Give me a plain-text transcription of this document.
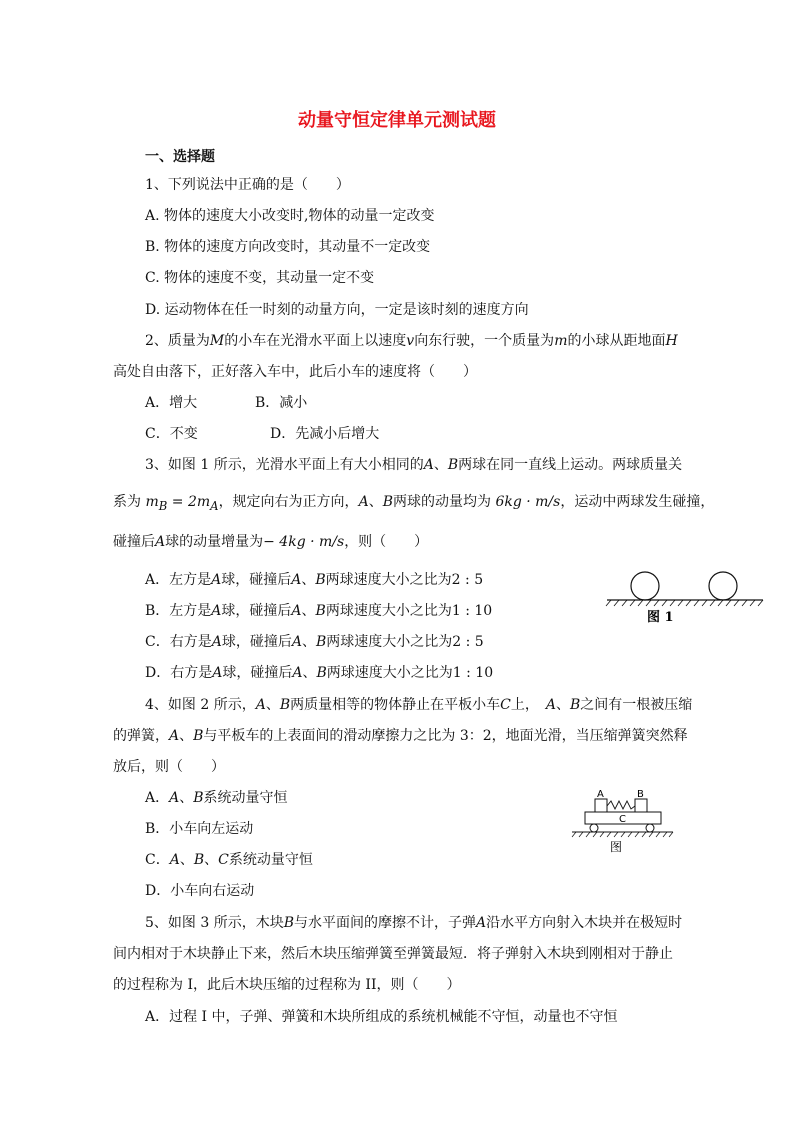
动量守恒定律单元测试题
一、选择题
1、下列说法中正确的是（　　）
A. 物体的速度大小改变时,物体的动量一定改变
B. 物体的速度方向改变时，其动量不一定改变
C. 物体的速度不变，其动量一定不变
D. 运动物体在任一时刻的动量方向，一定是该时刻的速度方向
2、质量为M的小车在光滑水平面上以速度v向东行驶，一个质量为m的小球从距地面H
高处自由落下，正好落入车中，此后小车的速度将（　　）
A．增大	B．减小
C．不变	D．先减小后增大
3、如图 1 所示，光滑水平面上有大小相同的A、B两球在同一直线上运动。两球质量关
系为 $m_B = 2m_A$，规定向右为正方向，A、B两球的动量均为 6kg · m/s，运动中两球发生碰撞，
碰撞后A球的动量增量为− 4kg · m/s，则（　　）
A．左方是A球，碰撞后A、B两球速度大小之比为2 : 5
B．左方是A球，碰撞后A、B两球速度大小之比为1 : 10
C．右方是A球，碰撞后A、B两球速度大小之比为2 : 5
D．右方是A球，碰撞后A、B两球速度大小之比为1 : 10
图 1
4、如图 2 所示，A、B两质量相等的物体静止在平板小车C上，　 A、B之间有一根被压缩
的弹簧，A、B与平板车的上表面间的滑动摩擦力之比为 3：2，地面光滑，当压缩弹簧突然释
放后，则（　　）
A．A、B系统动量守恒
B．小车向左运动
C．A、B、C系统动量守恒
D．小车向右运动
A	B
C
图
5、如图 3 所示，木块B与水平面间的摩擦不计，子弹A沿水平方向射入木块并在极短时
间内相对于木块静止下来，然后木块压缩弹簧至弹簧最短．将子弹射入木块到刚相对于静止
的过程称为 I，此后木块压缩的过程称为 II，则（　　）
A．过程 I 中，子弹、弹簧和木块所组成的系统机械能不守恒，动量也不守恒
